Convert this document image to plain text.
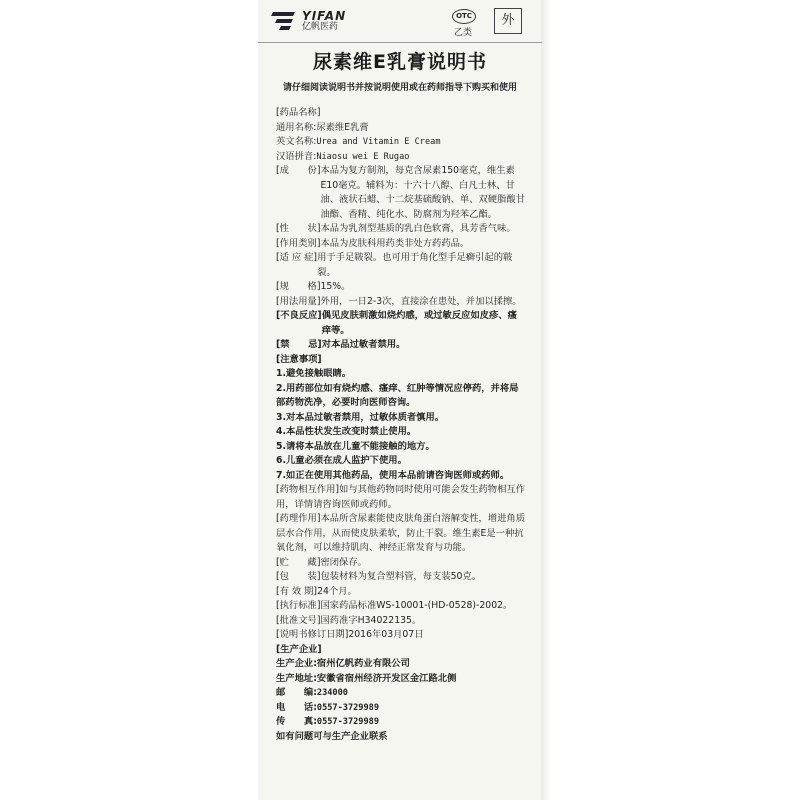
YIFAN
亿帆医药
OTC
乙类
外
尿素维E乳膏说明书
请仔细阅读说明书并按说明使用或在药师指导下购买和使用
[药品名称]
通用名称: 尿素维E乳膏
英文名称: Urea and Vitamin E Cream
汉语拼音: Niaosu wei E Rugao
[成　　份] 本品为复方制剂，每克含尿素150毫克，维生素E10毫克。辅料为：十六十八醇、白凡士林、甘油、液状石蜡、十二烷基硫酸钠、单、双硬脂酸甘油酯、香精、纯化水、防腐剂为羟苯乙酯。
[性　　状] 本品为乳剂型基质的乳白色软膏，具芳香气味。
[作用类别] 本品为皮肤科用药类非处方药药品。
[适 应 症] 用于手足皲裂。也可用于角化型手足癣引起的皲裂。
[规　　格] 15%。
[用法用量] 外用，一日2-3次，直接涂在患处，并加以揉擦。
[不良反应] 偶见皮肤刺激如烧灼感，或过敏反应如皮疹、瘙痒等。
[禁　　忌] 对本品过敏者禁用。
[注意事项]
1.避免接触眼睛。
2.用药部位如有烧灼感、瘙痒、红肿等情况应停药，并将局部药物洗净，必要时向医师咨询。
3.对本品过敏者禁用，过敏体质者慎用。
4.本品性状发生改变时禁止使用。
5.请将本品放在儿童不能接触的地方。
6.儿童必须在成人监护下使用。
7.如正在使用其他药品，使用本品前请咨询医师或药师。
[药物相互作用]如与其他药物同时使用可能会发生药物相互作用，详情请咨询医师或药师。
[药理作用]本品所含尿素能使皮肤角蛋白溶解变性，增进角质层水合作用，从而使皮肤柔软，防止干裂。维生素E是一种抗氧化剂，可以维持肌肉、神经正常发育与功能。
[贮　　藏] 密闭保存。
[包　　装] 包装材料为复合塑料管，每支装50克。
[有 效 期] 24个月。
[执行标准] 国家药品标准WS-10001-(HD-0528)-2002。
[批准文号] 国药准字H34022135。
[说明书修订日期] 2016年03月07日
[生产企业]
生产企业: 宿州亿帆药业有限公司
生产地址: 安徽省宿州经济开发区金江路北侧
邮　　编: 234000
电　　话: 0557-3729989
传　　真: 0557-3729989
如有问题可与生产企业联系
